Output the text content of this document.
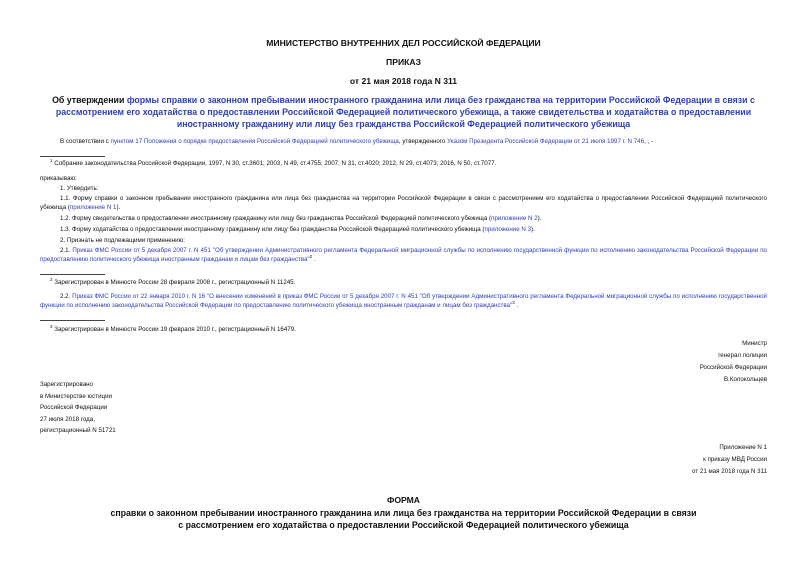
МИНИСТЕРСТВО ВНУТРЕННИХ ДЕЛ РОССИЙСКОЙ ФЕДЕРАЦИИ
ПРИКАЗ
от 21 мая 2018 года N 311
Об утверждении формы справки о законном пребывании иностранного гражданина или лица без гражданства на территории Российской Федерации в связи с рассмотрением его ходатайства о предоставлении Российской Федерацией политического убежища, а также свидетельства и ходатайства о предоставлении иностранному гражданину или лицу без гражданства Российской Федерацией политического убежища
В соответствии с пунктом 17 Положения о порядке предоставления Российской Федерацией политического убежища, утвержденного Указом Президента Российской Федерации от 21 июля 1997 г. N 746, , -
$^1$ Собрание законодательства Российской Федерации, 1997, N 30, ст.3601; 2003, N 49, ст.4755; 2007, N 31, ст.4020; 2012, N 29, ст.4073; 2016, N 50, ст.7077.
приказываю:
1. Утвердить:
1.1. Форму справки о законном пребывании иностранного гражданина или лица без гражданства на территории Российской Федерации в связи с рассмотрением его ходатайства о предоставлении Российской Федерацией политического убежища (приложение N 1).
1.2. Форму свидетельства о предоставлении иностранному гражданину или лицу без гражданства Российской Федерацией политического убежища (приложение N 2).
1.3. Форму ходатайства о предоставлении иностранному гражданину или лицу без гражданства Российской Федерацией политического убежища (приложение N 3).
2. Признать не подлежащими применению:
2.1. Приказ ФМС России от 5 декабря 2007 г. N 451 "Об утверждении Административного регламента Федеральной миграционной службы по исполнению государственной функции по исполнению законодательства Российской Федерации по предоставлению политического убежища иностранным гражданам и лицам без гражданства"$^2$ .
$^2$ Зарегистрирован в Минюсте России 28 февраля 2008 г., регистрационный N 11245.
2.2. Приказ ФМС России от 22 января 2010 г. N 16 "О внесении изменений в приказ ФМС России от 5 декабря 2007 г. N 451 "Об утверждении Административного регламента Федеральной миграционной службы по исполнению государственной функции по исполнению законодательства Российской Федерации по предоставлению политического убежища иностранным гражданам и лицам без гражданства"$^3$ .
$^3$ Зарегистрирован в Минюсте России 19 февраля 2010 г., регистрационный N 16479.
Министр
генерал полиции
Российской Федерации
В.Колокольцев
Зарегистрировано
в Министерстве юстиции
Российской Федерации
27 июля 2018 года,
регистрационный N 51721
Приложение N 1
к приказу МВД России
от 21 мая 2018 года N 311
ФОРМА
справки о законном пребывании иностранного гражданина или лица без гражданства на территории Российской Федерации в связи с рассмотрением его ходатайства о предоставлении Российской Федерацией политического убежища
